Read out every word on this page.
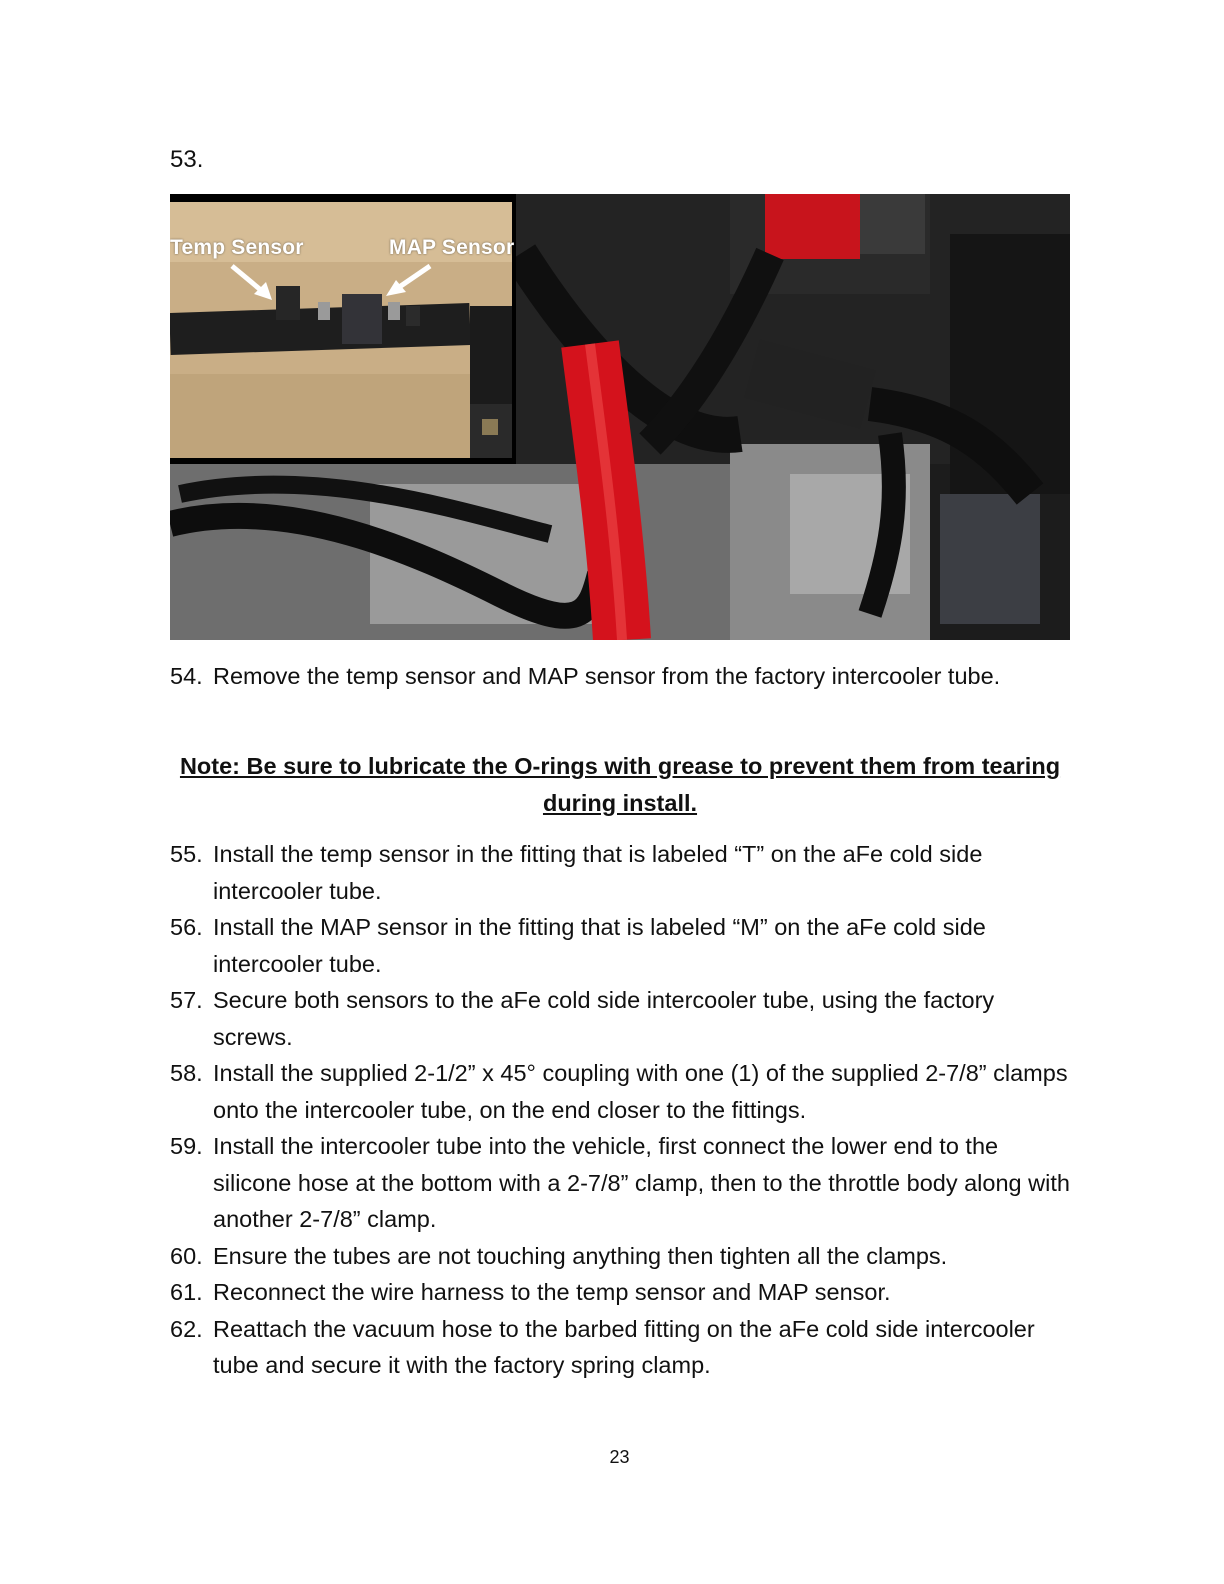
53.
Temp Sensor	MAP Sensor
54. Remove the temp sensor and MAP sensor from the factory intercooler tube.
Note: Be sure to lubricate the O-rings with grease to prevent them from tearing during install.
55. Install the temp sensor in the fitting that is labeled “T” on the aFe cold side intercooler tube.
56. Install the MAP sensor in the fitting that is labeled “M” on the aFe cold side intercooler tube.
57. Secure both sensors to the aFe cold side intercooler tube, using the factory screws.
58. Install the supplied 2-1/2” x 45° coupling with one (1) of the supplied 2-7/8” clamps onto the intercooler tube, on the end closer to the fittings.
59. Install the intercooler tube into the vehicle, first connect the lower end to the silicone hose at the bottom with a 2-7/8” clamp, then to the throttle body along with another 2-7/8” clamp.
60. Ensure the tubes are not touching anything then tighten all the clamps.
61. Reconnect the wire harness to the temp sensor and MAP sensor.
62. Reattach the vacuum hose to the barbed fitting on the aFe cold side intercooler tube and secure it with the factory spring clamp.
23
